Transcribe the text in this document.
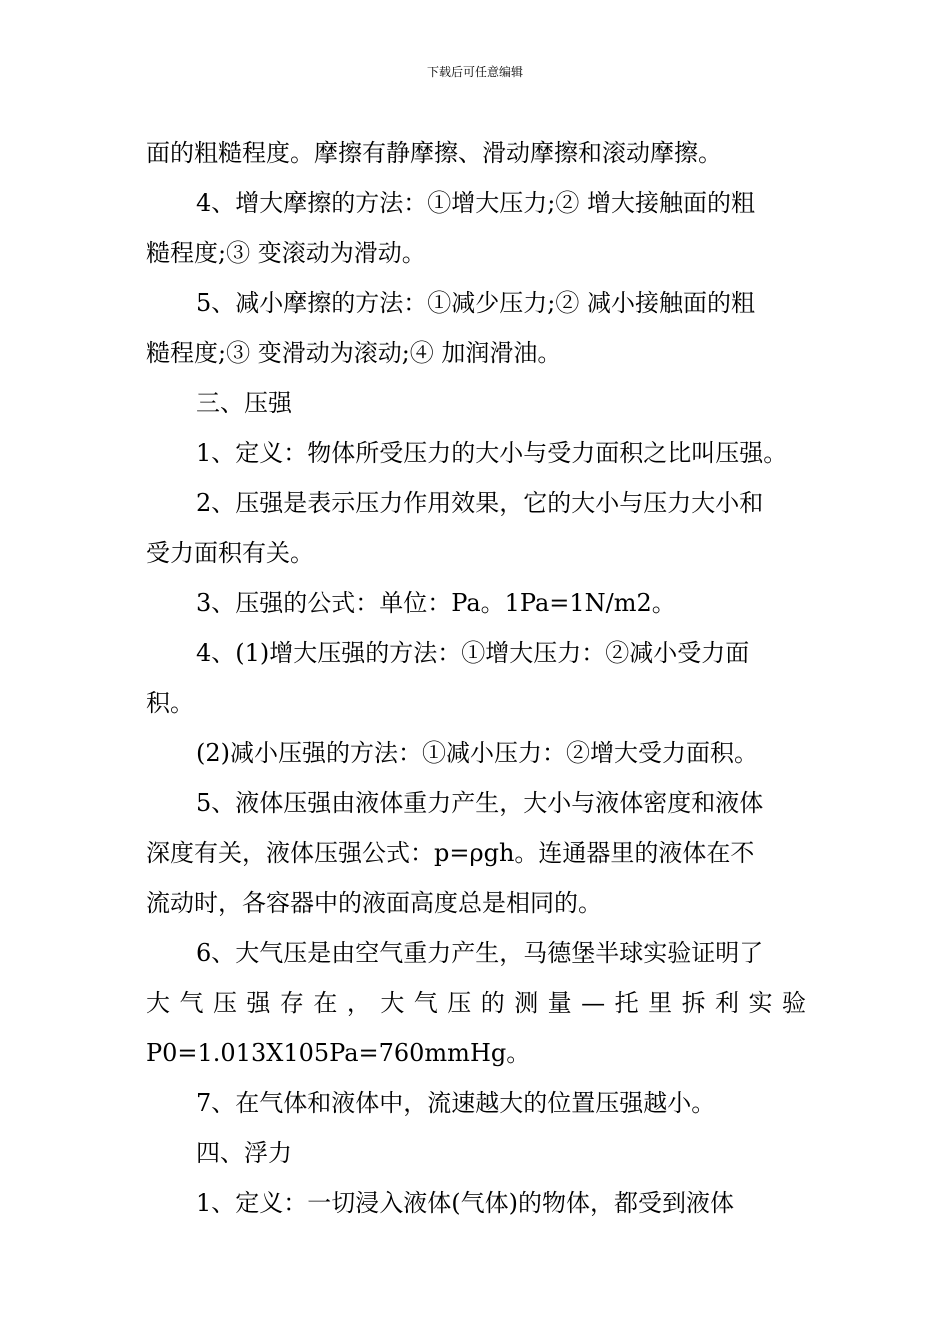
下载后可任意编辑
面的粗糙程度。摩擦有静摩擦、滑动摩擦和滚动摩擦。
4、增大摩擦的方法：①增大压力;② 增大接触面的粗
糙程度;③ 变滚动为滑动。
5、减小摩擦的方法：①减少压力;② 减小接触面的粗
糙程度;③ 变滑动为滚动;④ 加润滑油。
三、压强
1、定义：物体所受压力的大小与受力面积之比叫压强。
2、压强是表示压力作用效果，它的大小与压力大小和
受力面积有关。
3、压强的公式：单位：Pa。1Pa=1N/m2。
4、(1)增大压强的方法：①增大压力：②减小受力面
积。
(2)减小压强的方法：①减小压力：②增大受力面积。
5、液体压强由液体重力产生，大小与液体密度和液体
深度有关，液体压强公式：p=ρgh。连通器里的液体在不
流动时，各容器中的液面高度总是相同的。
6、大气压是由空气重力产生，马德堡半球实验证明了
大气压强存在，大气压的测量—托里拆利实验
P0=1.013X105Pa=760mmHg。
7、在气体和液体中，流速越大的位置压强越小。
四、浮力
1、定义：一切浸入液体(气体)的物体，都受到液体
